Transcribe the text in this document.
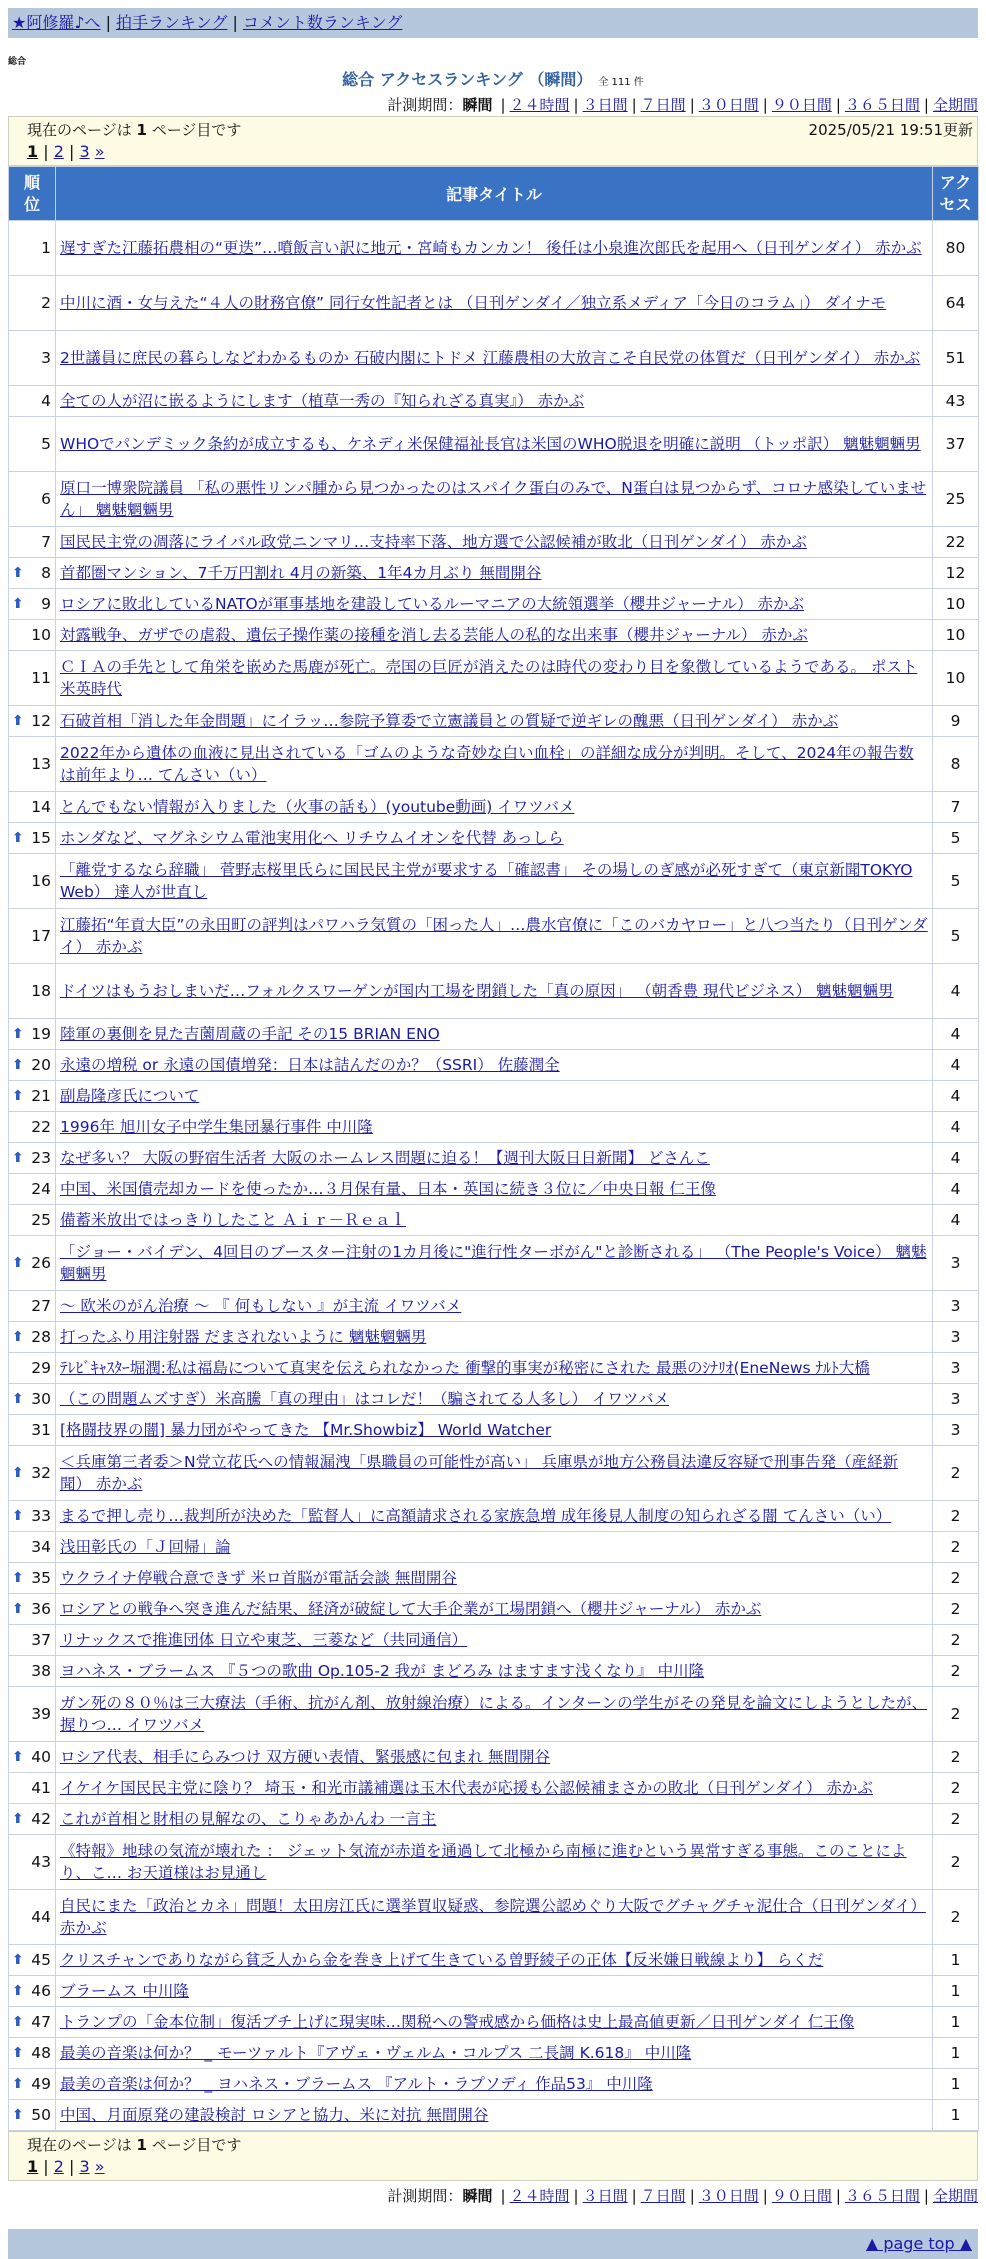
★阿修羅♪へ | 拍手ランキング | コメント数ランキング
総合
総合 アクセスランキング （瞬間） 全 111 件
計測期間：瞬間 | ２４時間 | ３日間 | ７日間 | ３０日間 | ９０日間 | ３６５日間 | 全期間
現在のページは 1 ページ目です	2025/05/21 19:51更新
1 | 2 | 3 »
順位	記事タイトル	アクセス
1	遅すぎた江藤拓農相の“更迭”…噴飯言い訳に地元・宮崎もカンカン！ 後任は小泉進次郎氏を起用へ（日刊ゲンダイ） 赤かぶ	80
2	中川に酒・女与えた“４人の財務官僚” 同行女性記者とは （日刊ゲンダイ／独立系メディア「今日のコラム」） ダイナモ	64
3	2世議員に庶民の暮らしなどわかるものか 石破内閣にトドメ 江藤農相の大放言こそ自民党の体質だ（日刊ゲンダイ） 赤かぶ	51
4	全ての人が沼に嵌るようにします（植草一秀の『知られざる真実』） 赤かぶ	43
5	WHOでパンデミック条約が成立するも、ケネディ米保健福祉長官は米国のWHO脱退を明確に説明 （トッポ訳） 魑魅魍魎男	37
6	原口一博衆院議員 「私の悪性リンパ腫から見つかったのはスパイク蛋白のみで、N蛋白は見つからず、コロナ感染していません」 魑魅魍魎男	25
7	国民民主党の凋落にライバル政党ニンマリ…支持率下落、地方選で公認候補が敗北（日刊ゲンダイ） 赤かぶ	22

⬆ 8	首都圏マンション、7千万円割れ 4月の新築、1年4カ月ぶり 無間開谷	12

⬆ 9	ロシアに敗北しているNATOが軍事基地を建設しているルーマニアの大統領選挙（櫻井ジャーナル） 赤かぶ	10
10	対露戦争、ガザでの虐殺、遺伝子操作薬の接種を消し去る芸能人の私的な出来事（櫻井ジャーナル） 赤かぶ	10
11	ＣＩＡの手先として角栄を嵌めた馬鹿が死亡。売国の巨匠が消えたのは時代の変わり目を象徴しているようである。 ポスト米英時代	10

⬆ 12	石破首相「消した年金問題」にイラッ…参院予算委で立憲議員との質疑で逆ギレの醜悪（日刊ゲンダイ） 赤かぶ	9
13	2022年から遺体の血液に見出されている「ゴムのような奇妙な白い血栓」の詳細な成分が判明。そして、2024年の報告数は前年より… てんさい（い）	8
14	とんでもない情報が入りました（火事の話も）(youtube動画) イワツバメ	7

⬆ 15	ホンダなど、マグネシウム電池実用化へ リチウムイオンを代替 あっしら	5
16	「離党するなら辞職」 菅野志桜里氏らに国民民主党が要求する「確認書」 その場しのぎ感が必死すぎて（東京新聞TOKYO Web） 達人が世直し	5
17	江藤拓“年貢大臣”の永田町の評判はパワハラ気質の「困った人」…農水官僚に「このバカヤロー」と八つ当たり（日刊ゲンダイ） 赤かぶ	5
18	ドイツはもうおしまいだ…フォルクスワーゲンが国内工場を閉鎖した「真の原因」 （朝香豊 現代ビジネス） 魑魅魍魎男	4

⬆ 19	陸軍の裏側を見た吉薗周蔵の手記 その15 BRIAN ENO	4

⬆ 20	永遠の増税 or 永遠の国債増発：日本は詰んだのか？（SSRI） 佐藤潤全	4

⬆ 21	副島隆彦氏について	4
22	1996年 旭川女子中学生集団暴行事件 中川隆	4

⬆ 23	なぜ多い？ 大阪の野宿生活者 大阪のホームレス問題に迫る！【週刊大阪日日新聞】 どさんこ	4
24	中国、米国債売却カードを使ったか…３月保有量、日本・英国に続き３位に／中央日報 仁王像	4
25	備蓄米放出ではっきりしたこと Ａｉｒ－Ｒｅａｌ	4

⬆ 26	「ジョー・バイデン、4回目のブースター注射の1カ月後に"進行性ターボがん"と診断される」 （The People's Voice） 魑魅魍魎男	3
27	～ 欧米のがん治療 ～ 『 何もしない 』が主流 イワツバメ	3

⬆ 28	打ったふり用注射器 だまされないように 魑魅魍魎男	3
29	ﾃﾚﾋﾞｷｬｽﾀｰ堀潤:私は福島について真実を伝えられなかった 衝撃的事実が秘密にされた 最悪のｼﾅﾘｵ(EneNews ﾅﾙﾄ大橋	3

⬆ 30	（この問題ムズすぎ）米高騰「真の理由」はコレだ！（騙されてる人多し） イワツバメ	3
31	[格闘技界の闇] 暴力団がやってきた 【Mr.Showbiz】 World Watcher	3

⬆ 32	＜兵庫第三者委＞N党立花氏への情報漏洩「県職員の可能性が高い」 兵庫県が地方公務員法違反容疑で刑事告発（産経新聞） 赤かぶ	2

⬆ 33	まるで押し売り…裁判所が決めた「監督人」に高額請求される家族急増 成年後見人制度の知られざる闇 てんさい（い）	2
34	浅田彰氏の「Ｊ回帰」論	2

⬆ 35	ウクライナ停戦合意できず 米ロ首脳が電話会談 無間開谷	2

⬆ 36	ロシアとの戦争へ突き進んだ結果、経済が破綻して大手企業が工場閉鎖へ（櫻井ジャーナル） 赤かぶ	2
37	リナックスで推進団体 日立や東芝、三菱など（共同通信）	2
38	ヨハネス・ブラームス 『５つの歌曲 Op.105-2 我が まどろみ はますます浅くなり』 中川隆	2
39	ガン死の８０％は三大療法（手術、抗がん剤、放射線治療）による。インターンの学生がその発見を論文にしようとしたが、握りつ… イワツバメ	2

⬆ 40	ロシア代表、相手にらみつけ 双方硬い表情、緊張感に包まれ 無間開谷	2
41	イケイケ国民民主党に陰り？ 埼玉・和光市議補選は玉木代表が応援も公認候補まさかの敗北（日刊ゲンダイ） 赤かぶ	2

⬆ 42	これが首相と財相の見解なの、こりゃあかんわ 一言主	2
43	《特報》地球の気流が壊れた ： ジェット気流が赤道を通過して北極から南極に進むという異常すぎる事態。このことにより、こ… お天道様はお見通し	2
44	自民にまた「政治とカネ」問題！太田房江氏に選挙買収疑惑、参院選公認めぐり大阪でグチャグチャ泥仕合（日刊ゲンダイ） 赤かぶ	2

⬆ 45	クリスチャンでありながら貧乏人から金を巻き上げて生きている曽野綾子の正体【反米嫌日戦線より】 らくだ	1

⬆ 46	ブラームス 中川隆	1

⬆ 47	トランプの「金本位制」復活ブチ上げに現実味…関税への警戒感から価格は史上最高値更新／日刊ゲンダイ 仁王像	1

⬆ 48	最美の音楽は何か？ _ モーツァルト『アヴェ・ヴェルム・コルプス 二長調 K.618』 中川隆	1

⬆ 49	最美の音楽は何か？ _ ヨハネス・ブラームス 『アルト・ラプソディ 作品53』 中川隆	1

⬆ 50	中国、月面原発の建設検討 ロシアと協力、米に対抗 無間開谷	1
現在のページは 1 ページ目です
1 | 2 | 3 »
計測期間：瞬間 | ２４時間 | ３日間 | ７日間 | ３０日間 | ９０日間 | ３６５日間 | 全期間
▲ page top ▲
